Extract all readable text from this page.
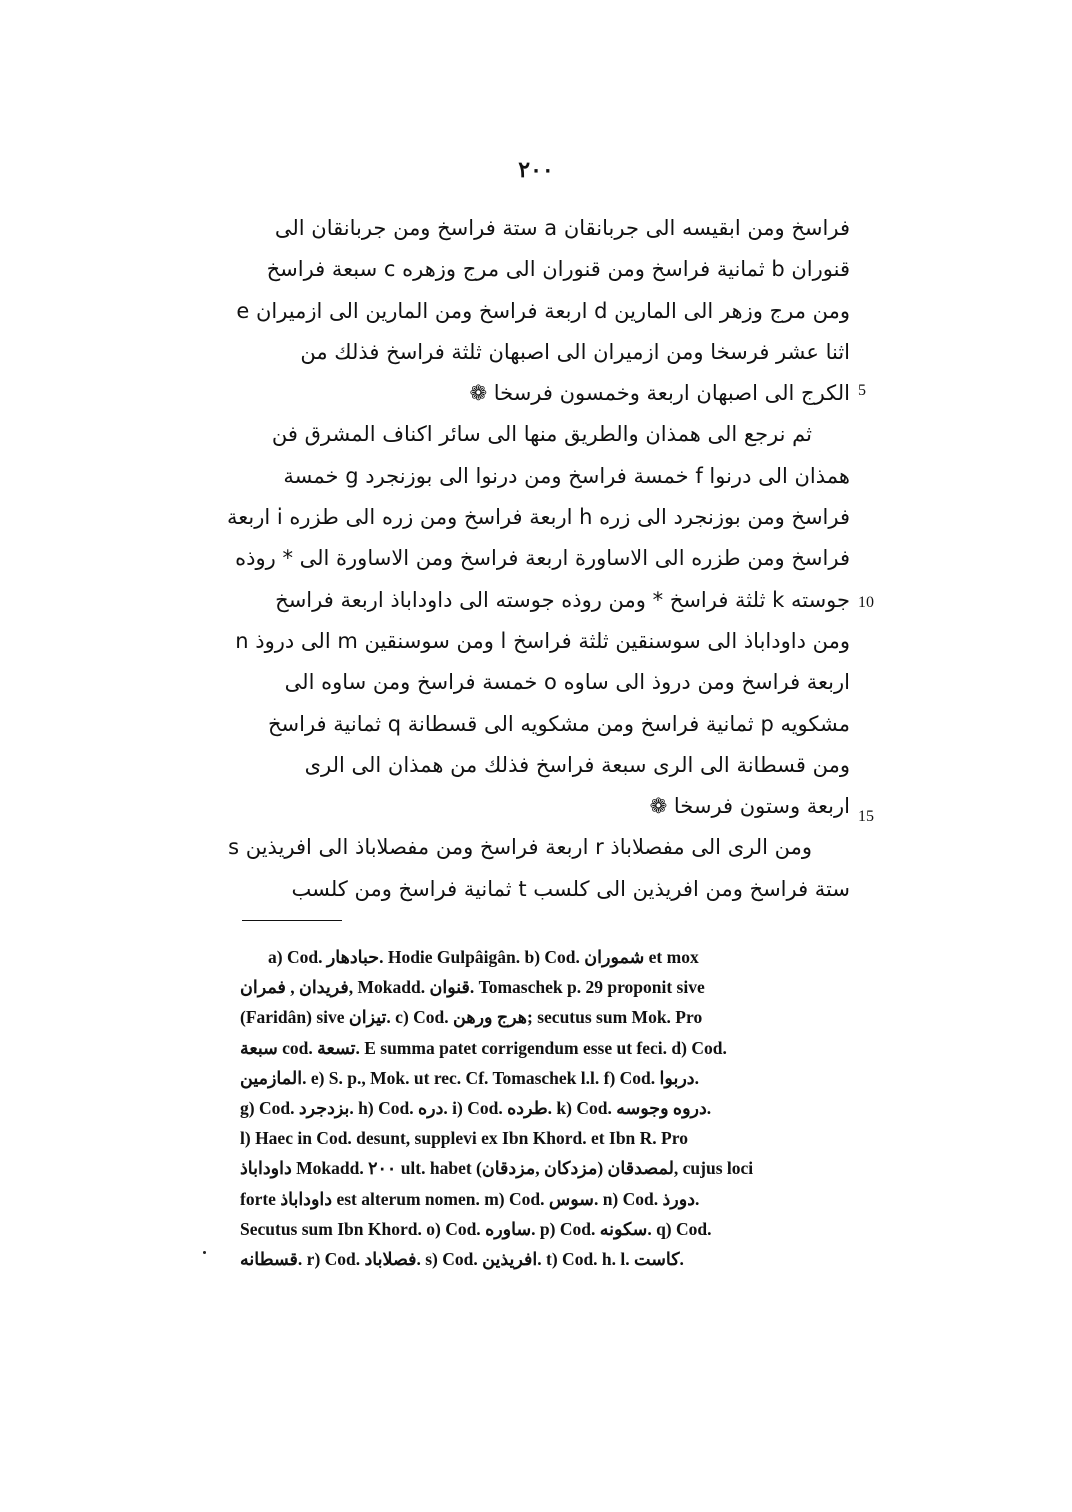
٢٠٠
فراسخ ومن ابقيسه الى جربانقان a ستة فراسخ ومن جربانقان الى
قنوران b ثمانية فراسخ ومن قنوران الى مرج وزهره c سبعة فراسخ
ومن مرج وزهر الى المارين d اربعة فراسخ ومن المارين الى ازميران e
اثنا عشر فرسخا ومن ازميران الى اصبهان ثلثة فراسخ فذلك من
الكرج الى اصبهان اربعة وخمسون فرسخا ❁
ثم نرجع الى همذان والطريق منها الى سائر اكناف المشرق فن
همذان الى درنوا f خمسة فراسخ ومن درنوا الى بوزنجرد g خمسة
فراسخ ومن بوزنجرد الى زره h اربعة فراسخ ومن زره الى طزره i اربعة
فراسخ ومن طزره الى الاساورة اربعة فراسخ ومن الاساورة الى * روذه
جوسته k ثلثة فراسخ * ومن روذه جوسته الى داوداباذ اربعة فراسخ
ومن داوداباذ الى سوسنقين ثلثة فراسخ l ومن سوسنقين m الى دروذ n
اربعة فراسخ ومن دروذ الى ساوه o خمسة فراسخ ومن ساوه الى
مشكويه p ثمانية فراسخ ومن مشكويه الى قسطانة q ثمانية فراسخ
ومن قسطانة الى الرى سبعة فراسخ فذلك من همذان الى الرى
اربعة وستون فرسخا ❁
ومن الرى الى مفصلاباذ r اربعة فراسخ ومن مفصلاباذ الى افريذين s
ستة فراسخ ومن افريذين الى كلسب t ثمانية فراسخ ومن كلسب
5
10
15
a) Cod. حبادهار. Hodie Gulpâigân. b) Cod. شموران et mox
فريدان , فمران, Mokadd. قنوان. Tomaschek p. 29 proponit sive
(Faridân) sive تيزان. c) Cod. هرج ورهن; secutus sum Mok. Pro
سبعة cod. تسعة. E summa patet corrigendum esse ut feci. d) Cod.
المازمين. e) S. p., Mok. ut rec. Cf. Tomaschek l.l. f) Cod. دربوا.
g) Cod. بزدجرد. h) Cod. دره. i) Cod. طرده. k) Cod. دروه وجوسه.
l) Haec in Cod. desunt, supplevi ex Ibn Khord. et Ibn R. Pro
داوداباذ Mokadd. ٢٠٠ ult. habet لمصدقان (مزدكان ,مزدقان), cujus loci
forte داوداباذ est alterum nomen. m) Cod. سوس. n) Cod. دورذ.
Secutus sum Ibn Khord. o) Cod. ساوره. p) Cod. سكونه. q) Cod.
قسطانه. r) Cod. فصلاباد. s) Cod. افريذين. t) Cod. h. l. كاست.
